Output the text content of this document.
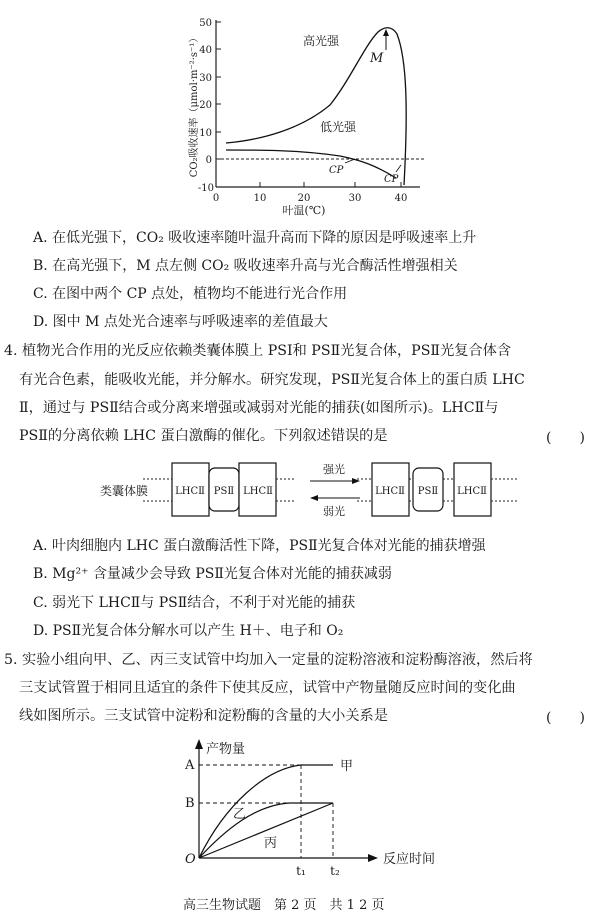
50
40
30
20
10
0
-10
0	10	20	30	40
叶温(℃)
CO₂吸收速率（μmol·m⁻²·s⁻¹）	M
高光强
低光强
CP
CP
A. 在低光强下，CO₂ 吸收速率随叶温升高而下降的原因是呼吸速率上升
B. 在高光强下，M 点左侧 CO₂ 吸收速率升高与光合酶活性增强相关
C. 在图中两个 CP 点处，植物均不能进行光合作用
D. 图中 M 点处光合速率与呼吸速率的差值最大
4. 植物光合作用的光反应依赖类囊体膜上 PSⅠ和 PSⅡ光复合体，PSⅡ光复合体含
有光合色素，能吸收光能，并分解水。研究发现，PSⅡ光复合体上的蛋白质 LHC
Ⅱ，通过与 PSⅡ结合或分离来增强或减弱对光能的捕获(如图所示)。LHCⅡ与
PSⅡ的分离依赖 LHC 蛋白激酶的催化。下列叙述错误的是	(　　)
类囊体膜	LHCⅡ PSⅡ LHCⅡ
强光
弱光
LHCⅡ PSⅡ LHCⅡ
A. 叶肉细胞内 LHC 蛋白激酶活性下降，PSⅡ光复合体对光能的捕获增强
B. Mg²⁺ 含量减少会导致 PSⅡ光复合体对光能的捕获减弱
C. 弱光下 LHCⅡ与 PSⅡ结合，不利于对光能的捕获
D. PSⅡ光复合体分解水可以产生 H＋、电子和 O₂
5. 实验小组向甲、乙、丙三支试管中均加入一定量的淀粉溶液和淀粉酶溶液，然后将
三支试管置于相同且适宜的条件下使其反应，试管中产物量随反应时间的变化曲
线如图所示。三支试管中淀粉和淀粉酶的含量的大小关系是	(　　)
产物量
反应时间
O
A
B
甲
乙
丙
t₁ t₂
高三生物试题　第 2 页　共 1 2 页
